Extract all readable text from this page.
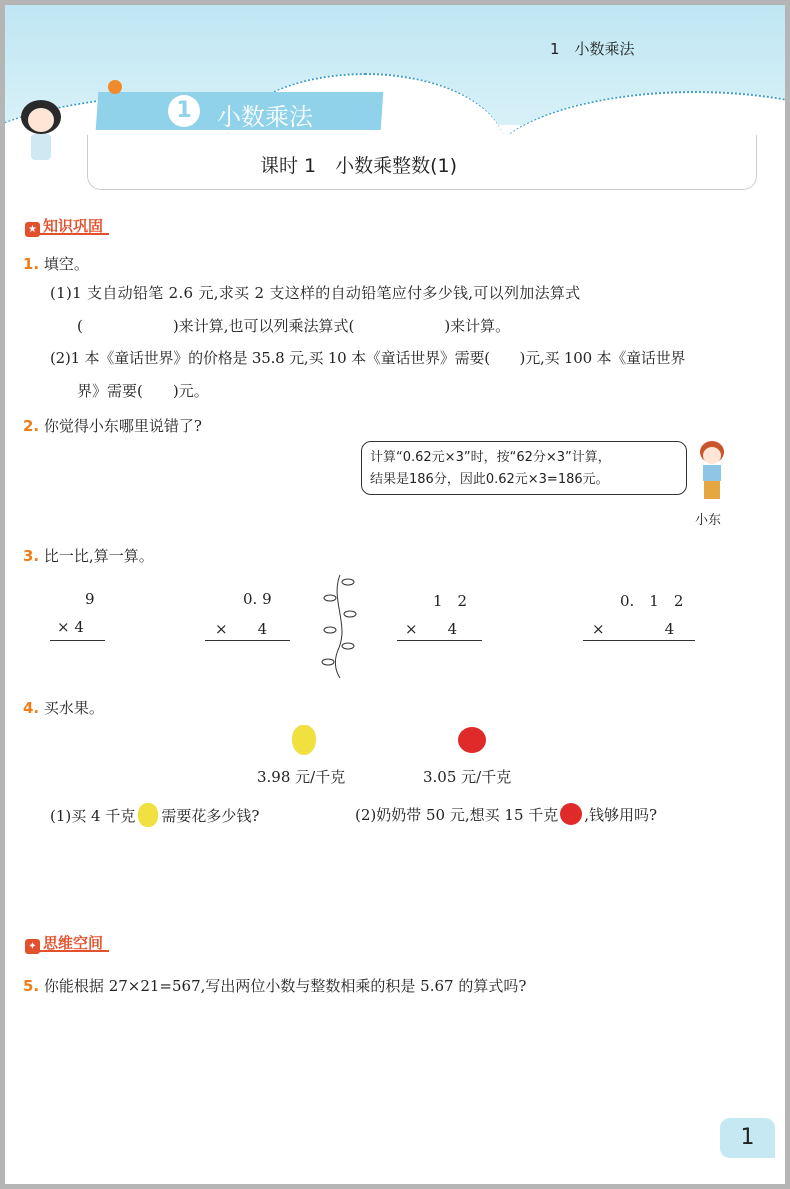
1　小数乘法
1	小数乘法
课时 1　小数乘整数(1)
★ 知识巩固
1. 填空。
(1)1 支自动铅笔 2.6 元,求买 2 支这样的自动铅笔应付多少钱,可以列加法算式
(　　　　　　)来计算,也可以列乘法算式(　　　　　　)来计算。
(2)1 本《童话世界》的价格是 35.8 元,买 10 本《童话世界》需要(　　)元,买 100 本《童话世界
界》需要(　　)元。
2. 你觉得小东哪里说错了?
计算“0.62元×3”时，按“62分×3”计算，
结果是186分，因此0.62元×3=186元。
小东
3. 比一比,算一算。
9
× 4
0. 9
×　　4
1　2
×　　4
0.　1　2
×　　　　4
4. 买水果。
3.98 元/千克	3.05 元/千克
(1)买 4 千克 需要花多少钱?	(2)奶奶带 50 元,想买 15 千克 ,钱够用吗?
✦ 思维空间
5. 你能根据 27×21=567,写出两位小数与整数相乘的积是 5.67 的算式吗?
1
